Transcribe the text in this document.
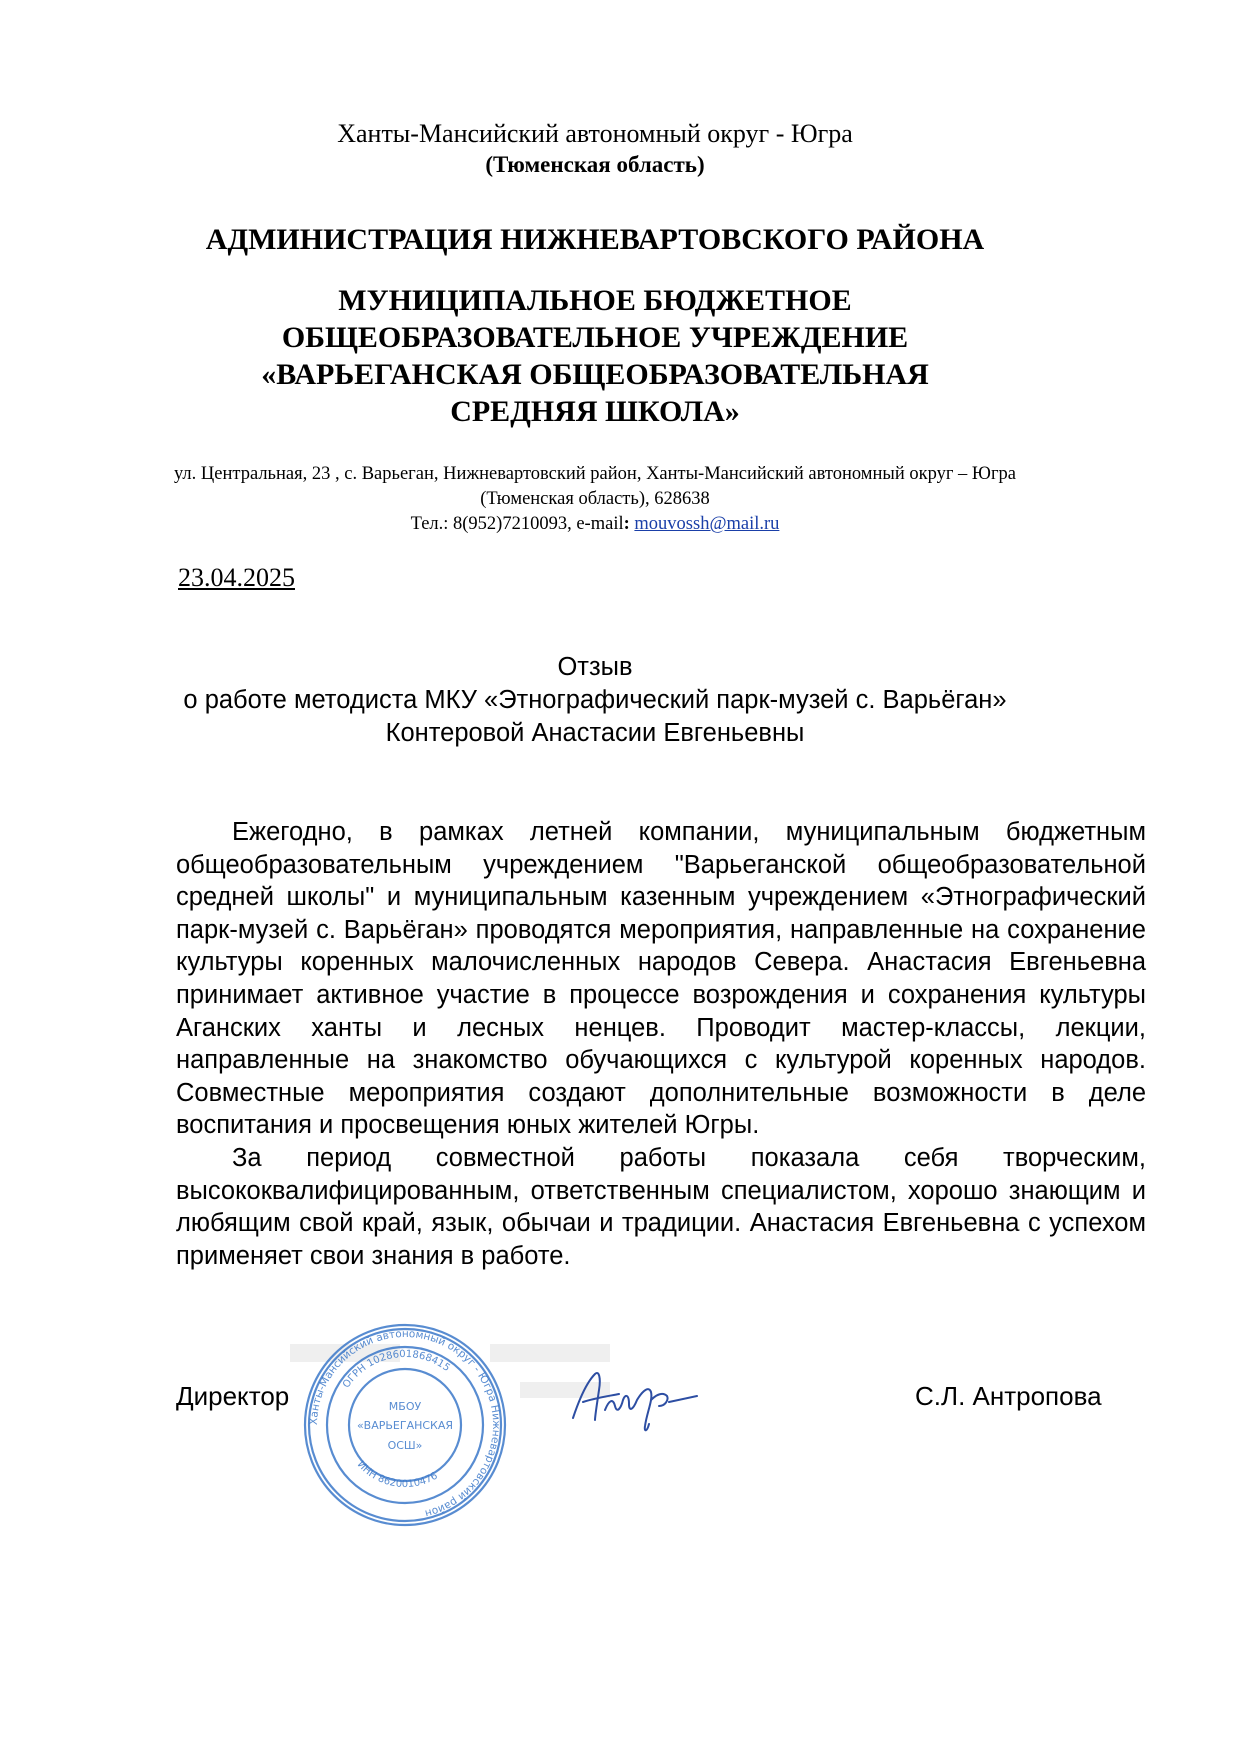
Ханты-Мансийский автономный округ - Югра
(Тюменская область)
АДМИНИСТРАЦИЯ НИЖНЕВАРТОВСКОГО РАЙОНА
МУНИЦИПАЛЬНОЕ БЮДЖЕТНОЕ
ОБЩЕОБРАЗОВАТЕЛЬНОЕ УЧРЕЖДЕНИЕ
«ВАРЬЕГАНСКАЯ ОБЩЕОБРАЗОВАТЕЛЬНАЯ
СРЕДНЯЯ ШКОЛА»
ул. Центральная, 23 , с. Варьеган, Нижневартовский район, Ханты-Мансийский автономный округ – Югра
(Тюменская область), 628638
Тел.: 8(952)7210093, e-mail: mouvossh@mail.ru
23.04.2025
Отзыв
о работе методиста МКУ «Этнографический парк-музей с. Варьёган»
Контеровой Анастасии Евгеньевны

Ежегодно, в рамках летней компании, муниципальным бюджетным общеобразовательным учреждением "Варьеганской общеобразовательной средней школы" и муниципальным казенным учреждением «Этнографический парк-музей с. Варьёган» проводятся мероприятия, направленные на сохранение культуры коренных малочисленных народов Севера. Анастасия Евгеньевна принимает активное участие в процессе возрождения и сохранения культуры Аганских ханты и лесных ненцев. Проводит мастер-классы, лекции, направленные на знакомство обучающихся с культурой коренных народов. Совместные мероприятия создают дополнительные возможности в деле воспитания и просвещения юных жителей Югры.

За период совместной работы показала себя творческим, высококвалифицированным, ответственным специалистом, хорошо знающим и любящим свой край, язык, обычаи и традиции. Анастасия Евгеньевна с успехом применяет свои знания в работе.

Ханты-Мансийский автономный округ - Югра Нижневартовский район
ОГРН 1028601868415
ИНН 8620010476
МБОУ
«ВАРЬЕГАНСКАЯ
ОСШ»
Директор	С.Л. Антропова
